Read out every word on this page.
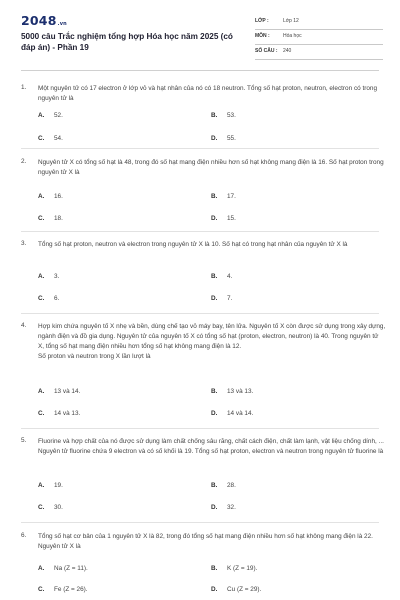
2048.vn
5000 câu Trắc nghiệm tổng hợp Hóa học năm 2025 (có đáp án) - Phần 19
LỚP :	Lớp 12
MÔN :	Hóa học
SỐ CÂU : 240
1. Một nguyên tử có 17 electron ở lớp vỏ và hạt nhân của nó có 18 neutron. Tổng số hạt proton, neutron, electron có trong nguyên tử là
A. 52.	B. 53.
C. 54.	D. 55.
2. Nguyên tử X có tổng số hạt là 48, trong đó số hạt mang điện nhiều hơn số hạt không mang điện là 16. Số hạt proton trong nguyên tử X là
A. 16.	B. 17.
C. 18.	D. 15.
3. Tổng số hạt proton, neutron và electron trong nguyên tử X là 10. Số hạt có trong hạt nhân của nguyên tử X là
A. 3.	B. 4.
C. 6.	D. 7.
4. Hợp kim chứa nguyên tố X nhẹ và bền, dùng chế tạo vỏ máy bay, tên lửa. Nguyên tố X còn được sử dụng trong xây dựng, ngành điện và đồ gia dụng. Nguyên tử của nguyên tố X có tổng số hạt (proton, electron, neutron) là 40. Trong nguyên tử X, tổng số hạt mang điện nhiều hơn tổng số hạt không mang điện là 12.
Số proton và neutron trong X lần lượt là
A. 13 và 14.	B. 13 và 13.
C. 14 và 13.	D. 14 và 14.
5. Fluorine và hợp chất của nó được sử dụng làm chất chống sâu răng, chất cách điện, chất làm lạnh, vật liệu chống dính, ... Nguyên tử fluorine chứa 9 electron và có số khối là 19. Tổng số hạt proton, electron và neutron trong nguyên tử fluorine là
A. 19.	B. 28.
C. 30.	D. 32.
6. Tổng số hạt cơ bản của 1 nguyên tử X là 82, trong đó tổng số hạt mang điện nhiều hơn số hạt không mang điện là 22. Nguyên tử X là
A. Na (Z = 11).	B. K (Z = 19).
C. Fe (Z = 26).	D. Cu (Z = 29).
